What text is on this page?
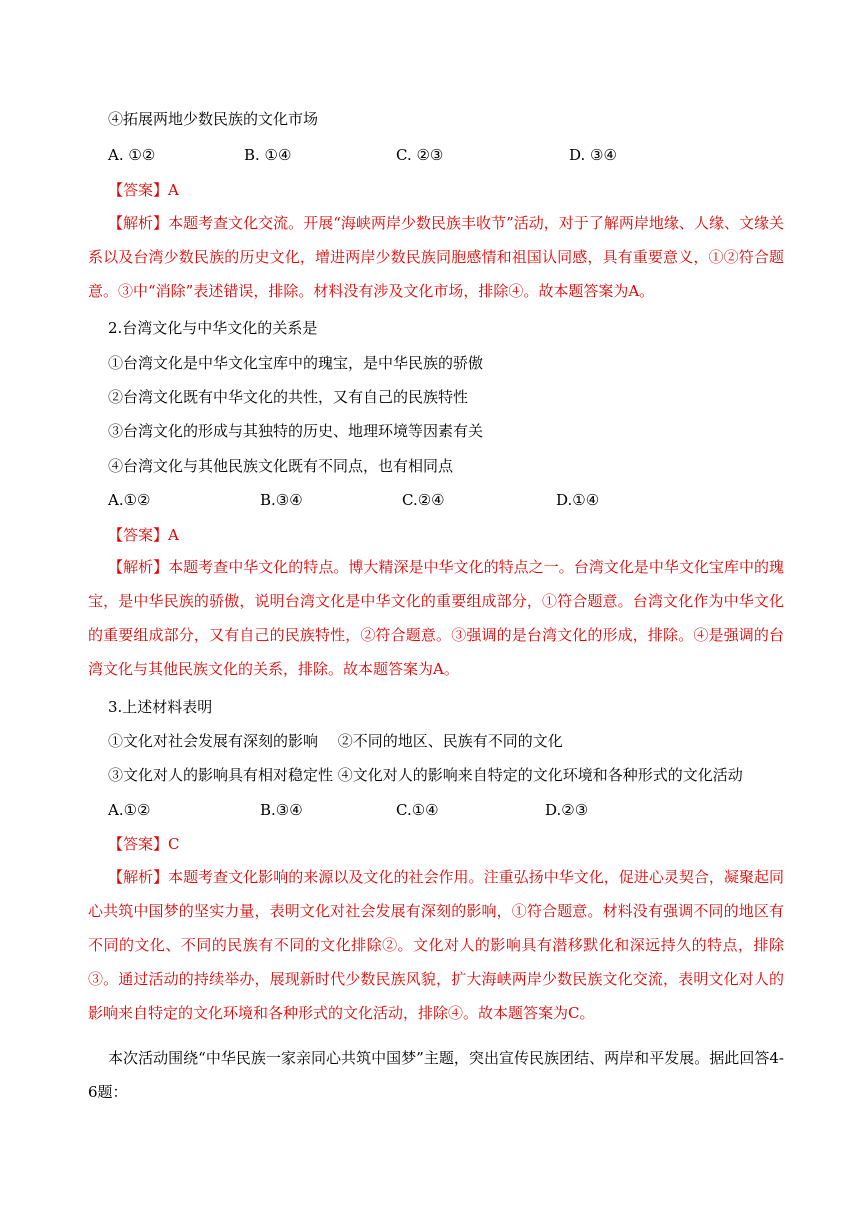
④拓展两地少数民族的文化市场
A. ①②	B. ①④	C. ②③	D. ③④
【答案】A
【解析】本题考查文化交流。开展“海峡两岸少数民族丰收节”活动，对于了解两岸地缘、人缘、文缘关系以及台湾少数民族的历史文化，增进两岸少数民族同胞感情和祖国认同感，具有重要意义，①②符合题意。③中“消除”表述错误，排除。材料没有涉及文化市场，排除④。故本题答案为A。
2.台湾文化与中华文化的关系是
①台湾文化是中华文化宝库中的瑰宝，是中华民族的骄傲
②台湾文化既有中华文化的共性，又有自己的民族特性
③台湾文化的形成与其独特的历史、地理环境等因素有关
④台湾文化与其他民族文化既有不同点，也有相同点
A.①②	B.③④	C.②④	D.①④
【答案】A
【解析】本题考查中华文化的特点。博大精深是中华文化的特点之一。台湾文化是中华文化宝库中的瑰宝，是中华民族的骄傲，说明台湾文化是中华文化的重要组成部分，①符合题意。台湾文化作为中华文化的重要组成部分，又有自己的民族特性，②符合题意。③强调的是台湾文化的形成，排除。④是强调的台湾文化与其他民族文化的关系，排除。故本题答案为A。
3.上述材料表明
①文化对社会发展有深刻的影响　 ②不同的地区、民族有不同的文化
③文化对人的影响具有相对稳定性 ④文化对人的影响来自特定的文化环境和各种形式的文化活动
A.①②	B.③④	C.①④	D.②③
【答案】C
【解析】本题考查文化影响的来源以及文化的社会作用。注重弘扬中华文化，促进心灵契合，凝聚起同心共筑中国梦的坚实力量，表明文化对社会发展有深刻的影响，①符合题意。材料没有强调不同的地区有不同的文化、不同的民族有不同的文化排除②。文化对人的影响具有潜移默化和深远持久的特点，排除③。通过活动的持续举办，展现新时代少数民族风貌，扩大海峡两岸少数民族文化交流，表明文化对人的影响来自特定的文化环境和各种形式的文化活动，排除④。故本题答案为C。
本次活动围绕“中华民族一家亲同心共筑中国梦”主题，突出宣传民族团结、两岸和平发展。据此回答4-6题：
